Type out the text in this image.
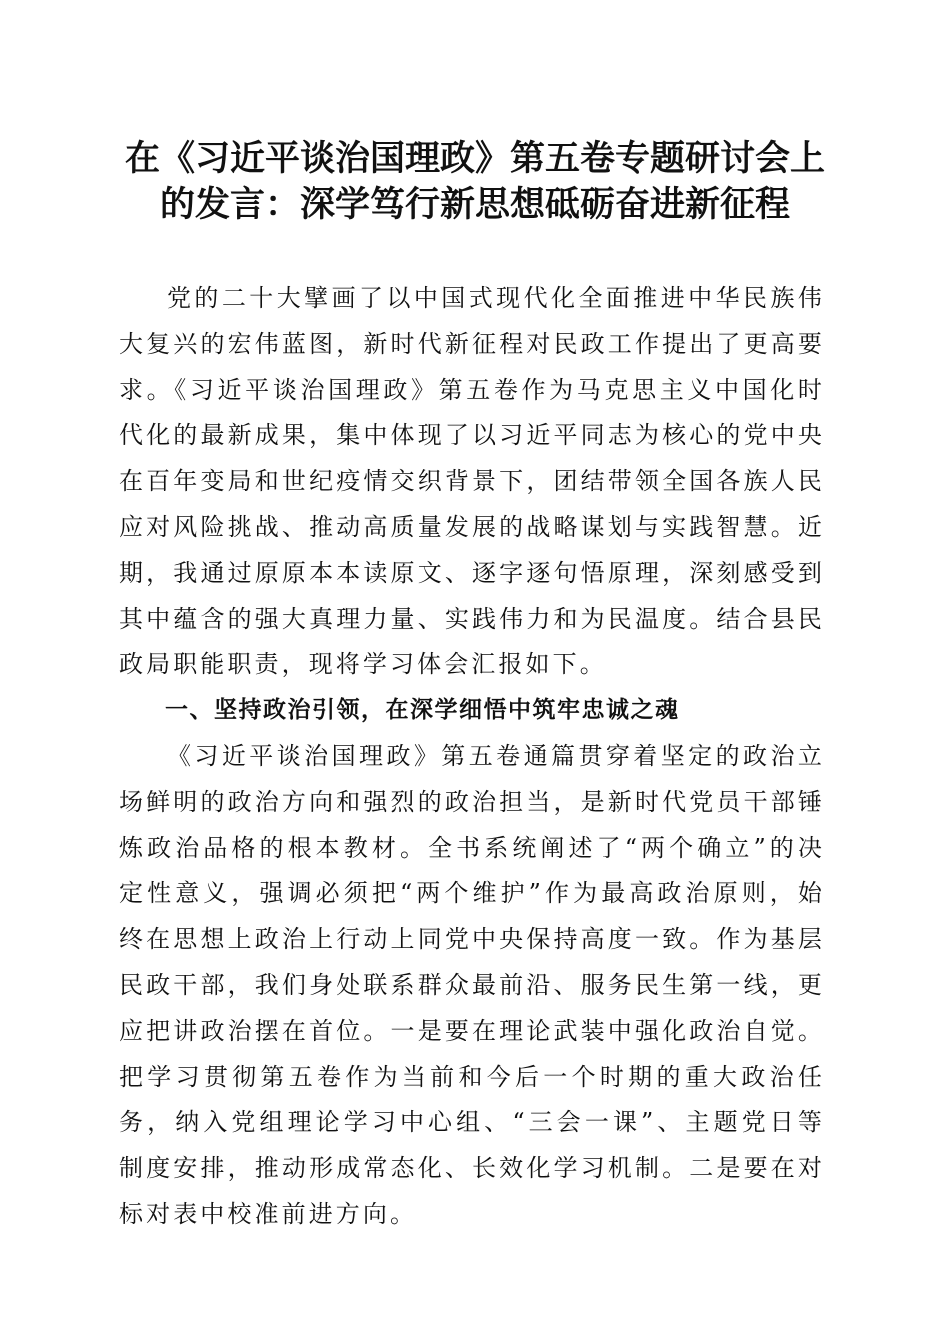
在《习近平谈治国理政》第五卷专题研讨会上
的发言：深学笃行新思想砥砺奋进新征程

党的二十大擘画了以中国式现代化全面推进中华民族伟大复兴的宏伟蓝图，新时代新征程对民政工作提出了更高要求。《习近平谈治国理政》第五卷作为马克思主义中国化时代化的最新成果，集中体现了以习近平同志为核心的党中央在百年变局和世纪疫情交织背景下，团结带领全国各族人民应对风险挑战、推动高质量发展的战略谋划与实践智慧。近期，我通过原原本本读原文、逐字逐句悟原理，深刻感受到其中蕴含的强大真理力量、实践伟力和为民温度。结合县民政局职能职责，现将学习体会汇报如下。

一、坚持政治引领，在深学细悟中筑牢忠诚之魂

《习近平谈治国理政》第五卷通篇贯穿着坚定的政治立场鲜明的政治方向和强烈的政治担当，是新时代党员干部锤炼政治品格的根本教材。全书系统阐述了“两个确立”的决定性意义，强调必须把“两个维护”作为最高政治原则，始终在思想上政治上行动上同党中央保持高度一致。作为基层民政干部，我们身处联系群众最前沿、服务民生第一线，更应把讲政治摆在首位。一是要在理论武装中强化政治自觉。把学习贯彻第五卷作为当前和今后一个时期的重大政治任务，纳入党组理论学习中心组、“三会一课”、主题党日等制度安排，推动形成常态化、长效化学习机制。二是要在对标对表中校准前进方向。
